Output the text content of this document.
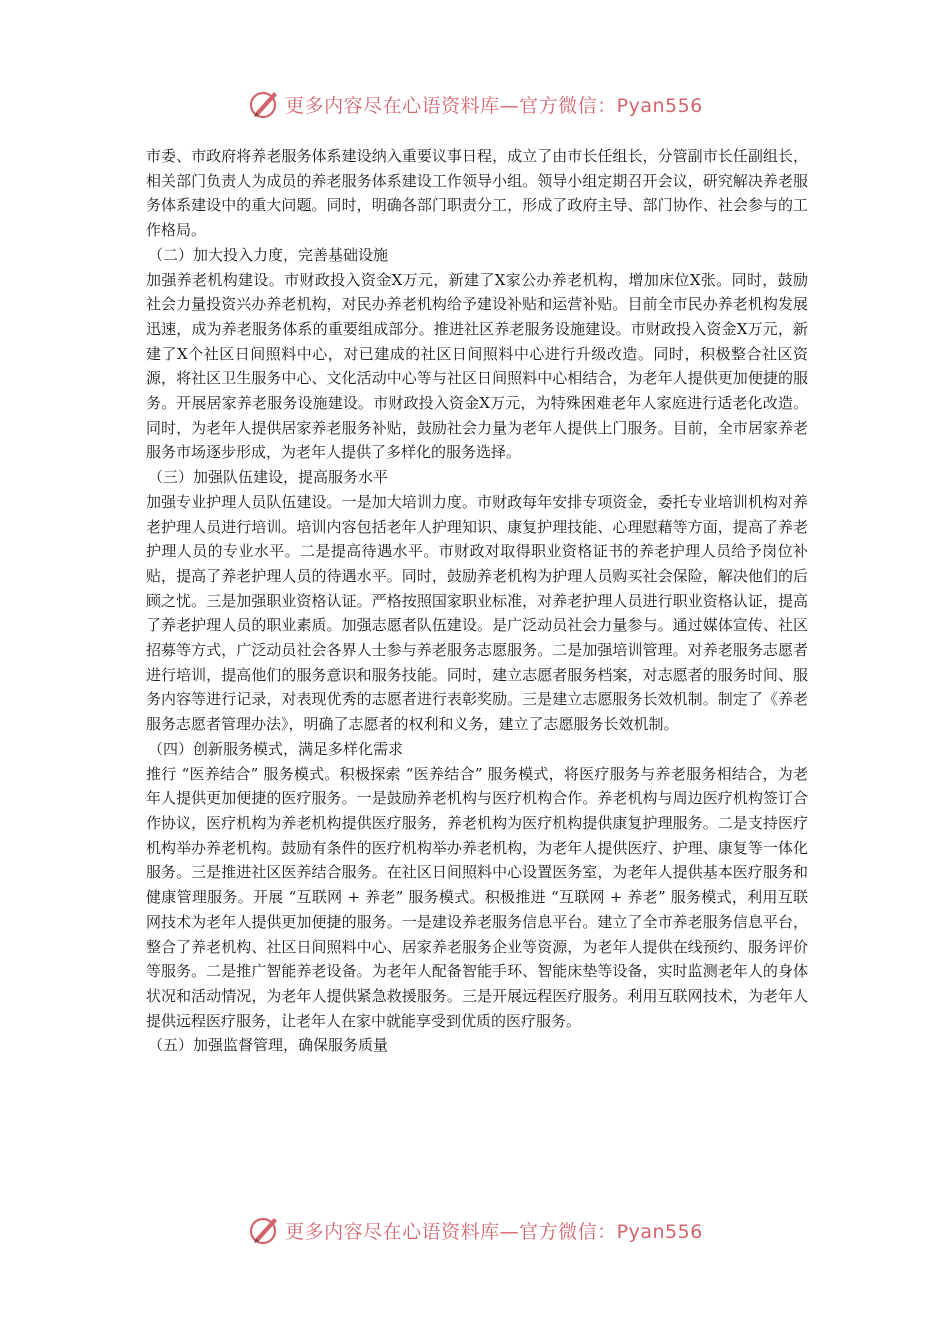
更多内容尽在心语资料库—官方微信：Pyan556

市委、市政府将养老服务体系建设纳入重要议事日程，成立了由市长任组长，分管副市长任副组长，相关部门负责人为成员的养老服务体系建设工作领导小组。领导小组定期召开会议，研究解决养老服务体系建设中的重大问题。同时，明确各部门职责分工，形成了政府主导、部门协作、社会参与的工作格局。

（二）加大投入力度，完善基础设施

加强养老机构建设。市财政投入资金X万元，新建了X家公办养老机构，增加床位X张。同时，鼓励社会力量投资兴办养老机构，对民办养老机构给予建设补贴和运营补贴。目前全市民办养老机构发展迅速，成为养老服务体系的重要组成部分。推进社区养老服务设施建设。市财政投入资金X万元，新建了X个社区日间照料中心，对已建成的社区日间照料中心进行升级改造。同时，积极整合社区资源，将社区卫生服务中心、文化活动中心等与社区日间照料中心相结合，为老年人提供更加便捷的服务。开展居家养老服务设施建设。市财政投入资金X万元，为特殊困难老年人家庭进行适老化改造。同时，为老年人提供居家养老服务补贴，鼓励社会力量为老年人提供上门服务。目前，全市居家养老服务市场逐步形成，为老年人提供了多样化的服务选择。

（三）加强队伍建设，提高服务水平

加强专业护理人员队伍建设。一是加大培训力度。市财政每年安排专项资金，委托专业培训机构对养老护理人员进行培训。培训内容包括老年人护理知识、康复护理技能、心理慰藉等方面，提高了养老护理人员的专业水平。二是提高待遇水平。市财政对取得职业资格证书的养老护理人员给予岗位补贴，提高了养老护理人员的待遇水平。同时，鼓励养老机构为护理人员购买社会保险，解决他们的后顾之忧。三是加强职业资格认证。严格按照国家职业标准，对养老护理人员进行职业资格认证，提高了养老护理人员的职业素质。加强志愿者队伍建设。是广泛动员社会力量参与。通过媒体宣传、社区招募等方式，广泛动员社会各界人士参与养老服务志愿服务。二是加强培训管理。对养老服务志愿者进行培训，提高他们的服务意识和服务技能。同时，建立志愿者服务档案，对志愿者的服务时间、服务内容等进行记录，对表现优秀的志愿者进行表彰奖励。三是建立志愿服务长效机制。制定了《养老服务志愿者管理办法》，明确了志愿者的权利和义务，建立了志愿服务长效机制。

（四）创新服务模式，满足多样化需求

推行 “医养结合” 服务模式。积极探索 “医养结合” 服务模式，将医疗服务与养老服务相结合，为老年人提供更加便捷的医疗服务。一是鼓励养老机构与医疗机构合作。养老机构与周边医疗机构签订合作协议，医疗机构为养老机构提供医疗服务，养老机构为医疗机构提供康复护理服务。二是支持医疗机构举办养老机构。鼓励有条件的医疗机构举办养老机构，为老年人提供医疗、护理、康复等一体化服务。三是推进社区医养结合服务。在社区日间照料中心设置医务室，为老年人提供基本医疗服务和健康管理服务。开展 “互联网 + 养老” 服务模式。积极推进 “互联网 + 养老” 服务模式，利用互联网技术为老年人提供更加便捷的服务。一是建设养老服务信息平台。建立了全市养老服务信息平台，整合了养老机构、社区日间照料中心、居家养老服务企业等资源，为老年人提供在线预约、服务评价等服务。二是推广智能养老设备。为老年人配备智能手环、智能床垫等设备，实时监测老年人的身体状况和活动情况，为老年人提供紧急救援服务。三是开展远程医疗服务。利用互联网技术，为老年人提供远程医疗服务，让老年人在家中就能享受到优质的医疗服务。

（五）加强监督管理，确保服务质量

更多内容尽在心语资料库—官方微信：Pyan556
